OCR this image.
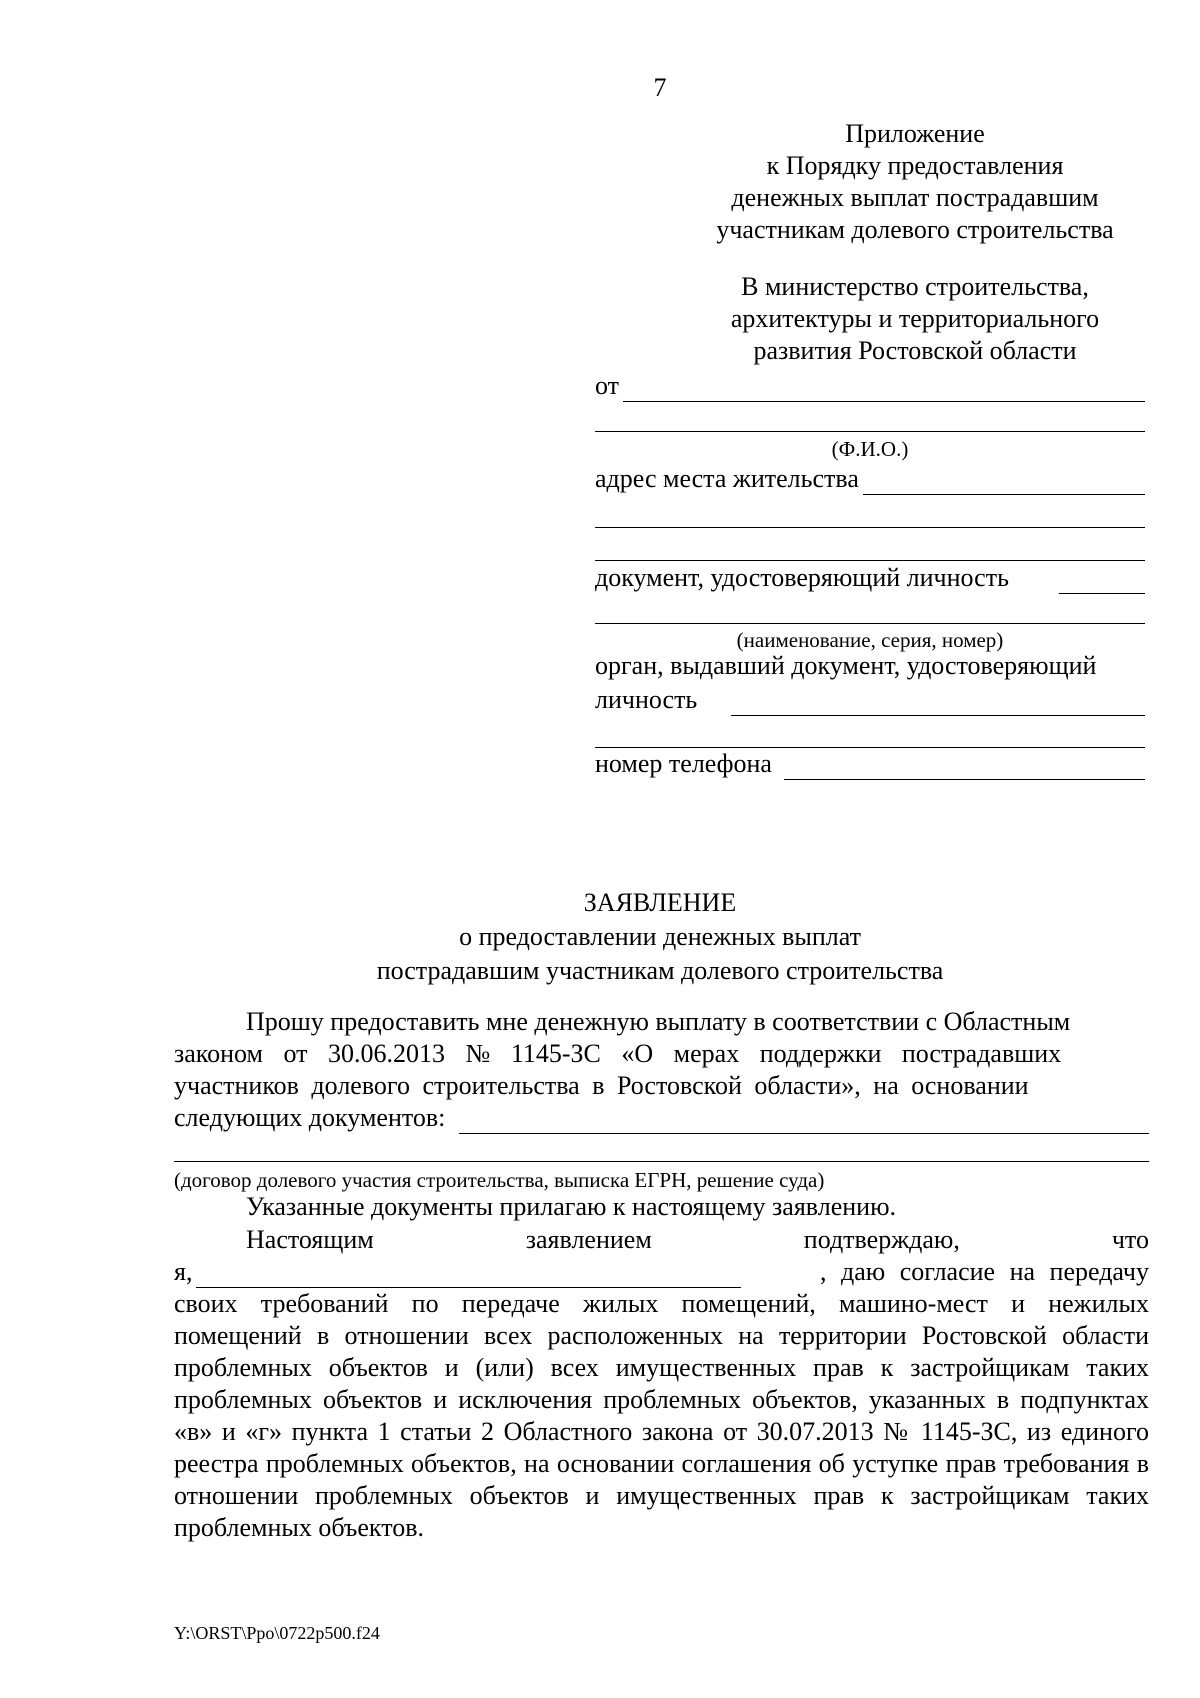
7
Приложение
к Порядку предоставления
денежных выплат пострадавшим
участникам долевого строительства
В министерство строительства,
архитектуры и территориального
развития Ростовской области
от
(Ф.И.О.)
адрес места жительства
документ, удостоверяющий личность
(наименование, серия, номер)
орган, выдавший документ, удостоверяющий
личность
номер телефона
ЗАЯВЛЕНИЕ
о предоставлении денежных выплат
пострадавшим участникам долевого строительства
Прошу предоставить мне денежную выплату в соответствии с Областным
законом от 30.06.2013 № 1145-ЗС «О мерах поддержки пострадавших
участников долевого строительства в Ростовской области», на основании
следующих документов:
(договор долевого участия строительства, выписка ЕГРН, решение суда)
Указанные документы прилагаю к настоящему заявлению.
Настоящим	заявлением	подтверждаю,	что
я,	, даю согласие на передачу
своих требований по передаче жилых помещений, машино-мест и нежилых помещений в отношении всех расположенных на территории Ростовской области проблемных объектов и (или) всех имущественных прав к застройщикам таких проблемных объектов и исключения проблемных объектов, указанных в подпунктах «в» и «г» пункта 1 статьи 2 Областного закона от 30.07.2013 № 1145-ЗС, из единого реестра проблемных объектов, на основании соглашения об уступке прав требования в отношении проблемных объектов и имущественных прав к застройщикам таких проблемных объектов.
Y:\ORST\Ppo\0722p500.f24
